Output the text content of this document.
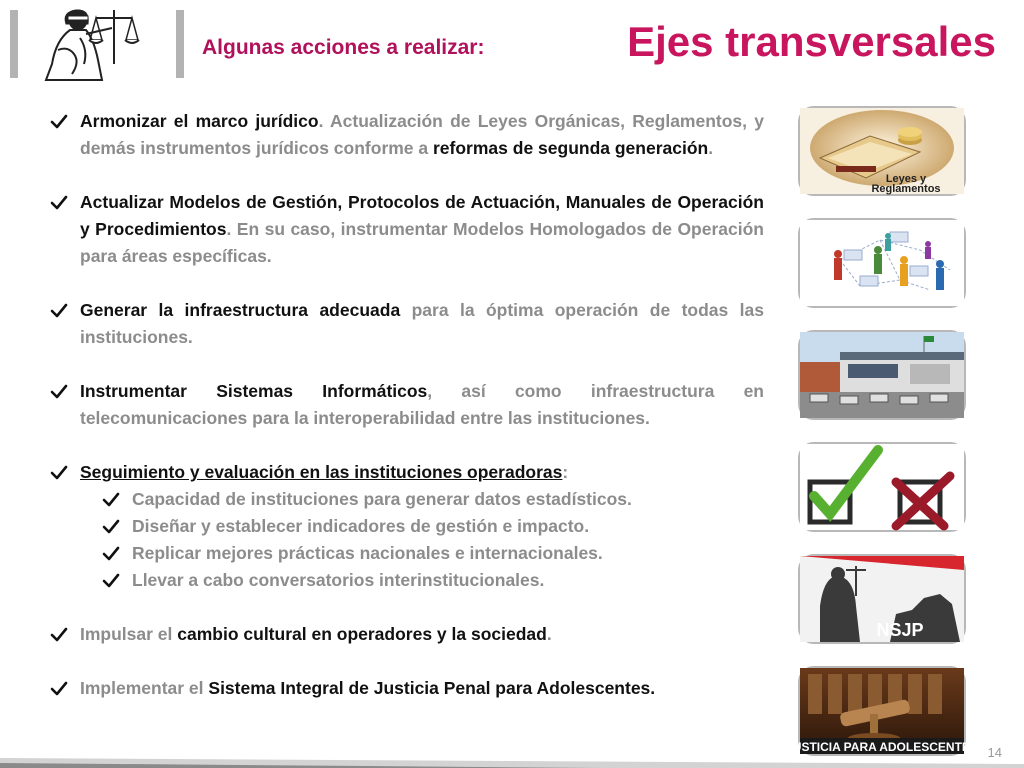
Algunas acciones a realizar:	Ejes transversales
Armonizar el marco jurídico. Actualización de Leyes Orgánicas, Reglamentos, y demás instrumentos jurídicos conforme a reformas de segunda generación.
Actualizar Modelos de Gestión, Protocolos de Actuación, Manuales de Operación y Procedimientos. En su caso, instrumentar Modelos Homologados de Operación para áreas específicas.
Generar la infraestructura adecuada para la óptima operación de todas las instituciones.
Instrumentar Sistemas Informáticos, así como infraestructura en telecomunicaciones para la interoperabilidad entre las instituciones.
Seguimiento y evaluación en las instituciones operadoras:
Capacidad de instituciones para generar datos estadísticos.
Diseñar y establecer indicadores de gestión e impacto.
Replicar mejores prácticas nacionales e internacionales.
Llevar a cabo conversatorios interinstitucionales.
Impulsar el cambio cultural en operadores y la sociedad.
Implementar el Sistema Integral de Justicia Penal para Adolescentes.
Leyes y
Reglamentos
NSJP
JUSTICIA PARA ADOLESCENTES 14
